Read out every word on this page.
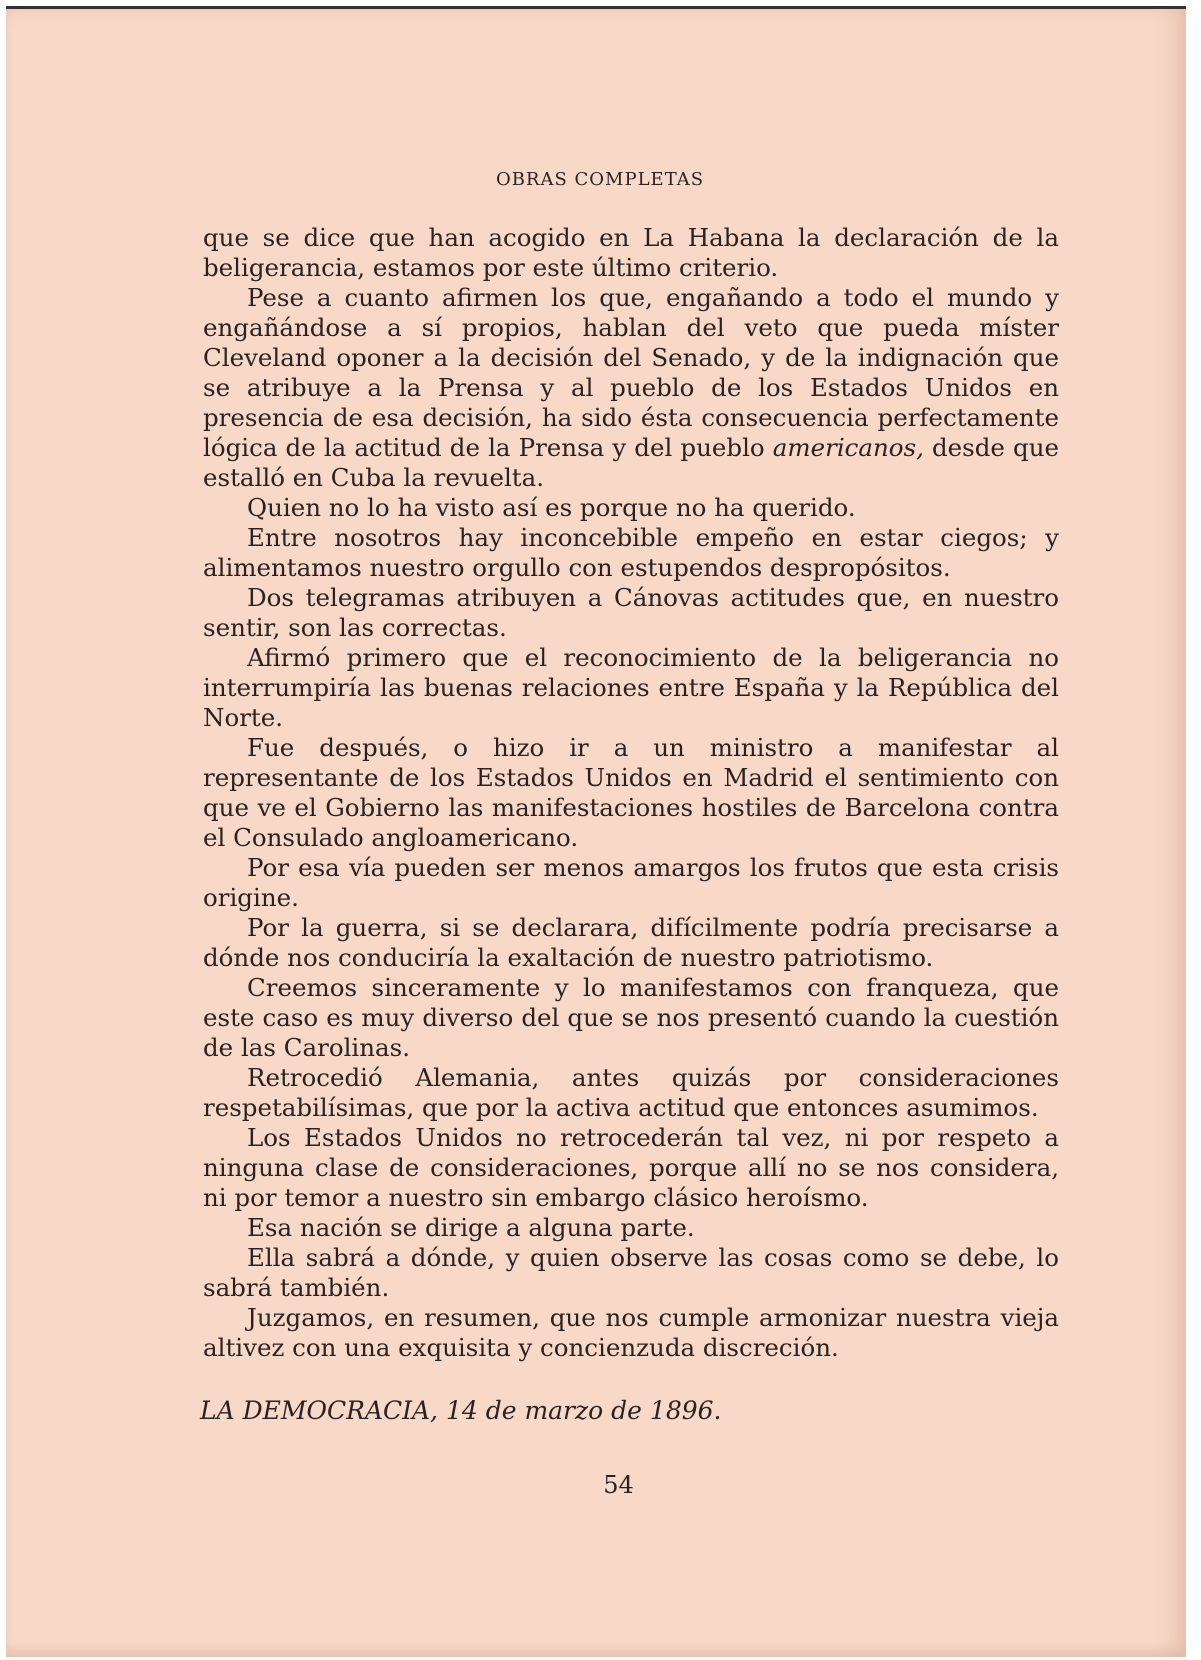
OBRAS COMPLETAS

que se dice que han acogido en La Habana la declaración de la beligerancia, estamos por este último criterio.

Pese a cuanto afirmen los que, engañando a todo el mundo y engañándose a sí propios, hablan del veto que pueda míster Cleveland oponer a la decisión del Senado, y de la indignación que se atribuye a la Prensa y al pueblo de los Estados Unidos en presencia de esa decisión, ha sido ésta consecuencia perfectamente lógica de la actitud de la Prensa y del pueblo americanos, desde que estalló en Cuba la revuelta.

Quien no lo ha visto así es porque no ha querido.

Entre nosotros hay inconcebible empeño en estar ciegos; y alimentamos nuestro orgullo con estupendos despropósitos.

Dos telegramas atribuyen a Cánovas actitudes que, en nuestro sentir, son las correctas.

Afirmó primero que el reconocimiento de la beligerancia no interrumpiría las buenas relaciones entre España y la República del Norte.

Fue después, o hizo ir a un ministro a manifestar al representante de los Estados Unidos en Madrid el sentimiento con que ve el Gobierno las manifestaciones hostiles de Barcelona contra el Consulado angloamericano.

Por esa vía pueden ser menos amargos los frutos que esta crisis origine.

Por la guerra, si se declarara, difícilmente podría precisarse a dónde nos conduciría la exaltación de nuestro patriotismo.

Creemos sinceramente y lo manifestamos con franqueza, que este caso es muy diverso del que se nos presentó cuando la cuestión de las Carolinas.

Retrocedió Alemania, antes quizás por consideraciones respetabilísimas, que por la activa actitud que entonces asumimos.

Los Estados Unidos no retrocederán tal vez, ni por respeto a ninguna clase de consideraciones, porque allí no se nos considera, ni por temor a nuestro sin embargo clásico heroísmo.

Esa nación se dirige a alguna parte.

Ella sabrá a dónde, y quien observe las cosas como se debe, lo sabrá también.

Juzgamos, en resumen, que nos cumple armonizar nuestra vieja altivez con una exquisita y concienzuda discreción.

LA DEMOCRACIA, 14 de marzo de 1896.
54
